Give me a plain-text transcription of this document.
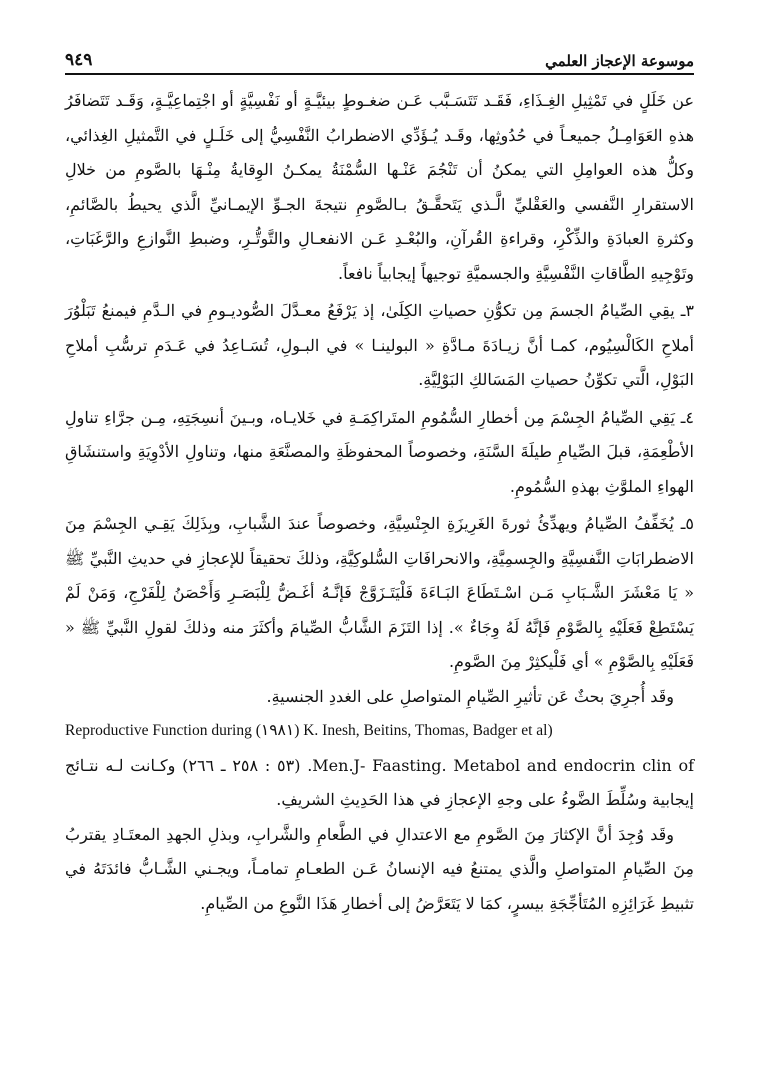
٩٤٩	موسوعة الإعجاز العلمي

عن خَلَلٍ في تَمْثِيلِ الغِـذَاءِ، فَقَـد تَتَسَـبَّب عَـن ضغـوطٍ بيئيَّـةٍ أو نَفْسِيَّةٍ أو اجْتِماعِيَّـةٍ، وَقَـد تَتَضافَرُ هذهِ العَوَامِـلُ جميعـاً في حُدُوثِها، وقَـد يُـؤَدِّي الاضطرابُ النَّفْسِيُّ إلى خَلَـلٍ في التَّمثيلِ الغِذائي، وكلُّ هذه العوامِلِ التي يمكنُ أن تَنْجُمَ عَنْـها السُّمْنَةُ يمكـنُ الوِقايةُ مِنْـهَا بالصَّومِ من خلالِ الاستقرارِ النَّفسي والعَقْليِّ الَّـذي يَتَحقَّـقُ بـالصَّومِ نتيجةَ الجـوِّ الإيمـانيِّ الَّذي يحيطُ بالصَّائمِ، وكثرةِ العبادَةِ والذِّكْرِ، وقراءةِ القُرآنِ، والبُعْـدِ عَـن الانفعـالِ والتَّوتُّـرِ، وضبطِ النَّوازعِ والرَّغَبَاتِ، وتَوْجِيهِ الطَّاقاتِ النَّفْسِيَّةِ والجسميَّةِ توجيهاً إيجابياً نافعاً.

٣ـ يقِي الصِّيامُ الجسمَ مِن تكوُّنِ حصياتِ الكِلَىٰ، إذ يَرْفَعُ معـدَّلَ الصُّوديـومِ في الـدَّمِ فيمنعُ تَبَلْوُرَ أملاحِ الكَالْسِيُوم، كمـا أنَّ زيـادَةَ مـادَّةِ « البولينـا » في البـولِ، تُسَـاعِدُ في عَـدَمِ ترسُّبِ أملاحِ البَوْلِ، الَّتي تكوِّنُ حصياتِ المَسَالكِ البَوْلِيَّةِ.

٤ـ يَقِي الصِّيامُ الجِسْمَ مِن أخطارِ السُّمُومِ المتَراكِمَـةِ في خَلايـاه، وبـينَ أنسِجَتِهِ، مِـن جرَّاءِ تناولِ الأطْعِمَةِ، قبلَ الصِّيامِ طيلَةَ السَّنَةِ، وخصوصاً المحفوظَةِ والمصنَّعَةِ منها، وتناولِ الأدْوِيَةِ واستنشَاقِ الهواءِ الملوَّثِ بهذهِ السُّمُومِ.

٥ـ يُخَفِّفُ الصِّيامُ ويهدِّئُ ثورةَ الغَرِيزَةِ الجِنْسِيَّةِ، وخصوصاً عندَ الشَّبابِ، وبِذَلِكَ يَقِـي الجِسْمَ مِنَ الاضطرابَاتِ النَّفسِيَّةِ والجِسمِيَّةِ، والانحرافَاتِ السُّلوكِيَّةِ، وذلكَ تحقيقاً للإعجازِ في حديثِ النَّبيِّ ﷺ « يَا مَعْشَرَ الشَّـبَابِ مَـن اسْـتَطَاعَ البَـاءَةَ فَلْيَتَـزَوَّجْ فَإنَّـهُ أغَـضُّ لِلْبَصَـرِ وَأَحْصَنُ لِلْفَرْجِ، وَمَنْ لَمْ يَسْتَطِعْ فَعَلَيْهِ بِالصَّوْمِ فَإنَّهُ لَهُ وِجَاءٌ ». إذا التَزَمَ الشَّابُّ الصِّيامَ وأكثَرَ منه وذلكَ لقولِ النَّبيِّ ﷺ « فَعَلَيْهِ بِالصَّوْمِ » أي فَلْيكثِرْ مِنَ الصَّومِ.

وقَد أُجرِيَ بحثٌ عَن تأثيرِ الصِّيامِ المتواصلِ على الغددِ الجنسيةِ.

Reproductive Function during (١٩٨١) K. Inesh, Beitins, Thomas, Badger et al)

Men.J- Faasting. Metabol and endocrin clin of. (٥٣ : ٢٥٨ ـ ٢٦٦) وكـانت لـه نتـائج إيجابية وسُلِّطَ الضَّوءُ على وجهِ الإعجازِ في هذا الحَدِيثِ الشريفِ.

وقَد وُجِدَ أنَّ الإكثارَ مِنَ الصَّومِ مع الاعتدالِ في الطَّعامِ والشَّرابِ، وبذلِ الجهدِ المعتَـادِ يقتربُ مِنَ الصِّيامِ المتواصلِ والَّذي يمتنعُ فيه الإنسانُ عَـن الطعـامِ تمامـاً، ويجـني الشَّـابُّ فائدَتَهُ في تثبيطِ غَرَائِزِهِ المُتَأجِّجَةِ بيسرٍ، كمَا لا يَتَعَرَّضُ إلى أخطارِ هَذَا النَّوعِ من الصِّيامِ.
